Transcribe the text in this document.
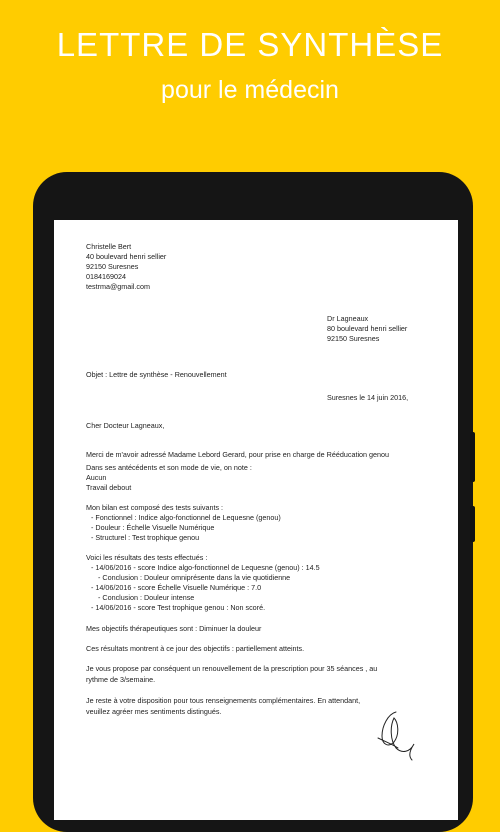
LETTRE DE SYNTHÈSE
pour le médecin
Christelle Bert
40 boulevard henri sellier
92150 Suresnes
0184169024
testrma@gmail.com
Dr Lagneaux
80 boulevard henri sellier
92150 Suresnes
Objet : Lettre de synthèse - Renouvellement
Suresnes le 14 juin 2016,
Cher Docteur Lagneaux,
Merci de m'avoir adressé Madame Lebord Gerard, pour prise en charge de Rééducation genou
Dans ses antécédents et son mode de vie, on note :
Aucun
Travail debout
Mon bilan est composé des tests suivants :
- Fonctionnel : Indice algo-fonctionnel de Lequesne (genou)
- Douleur : Échelle Visuelle Numérique
- Structurel : Test trophique genou
Voici les résultats des tests effectués :
- 14/06/2016 - score Indice algo-fonctionnel de Lequesne (genou) : 14.5
- Conclusion : Douleur omniprésente dans la vie quotidienne
- 14/06/2016 - score Échelle Visuelle Numérique : 7.0
- Conclusion : Douleur intense
- 14/06/2016 - score Test trophique genou : Non scoré.
Mes objectifs thérapeutiques sont : Diminuer la douleur
Ces résultats montrent à ce jour des objectifs : partiellement atteints.
Je vous propose par conséquent un renouvellement de la prescription pour 35 séances , au
rythme de 3/semaine.
Je reste à votre disposition pour tous renseignements complémentaires. En attendant,
veuillez agréer mes sentiments distingués.
